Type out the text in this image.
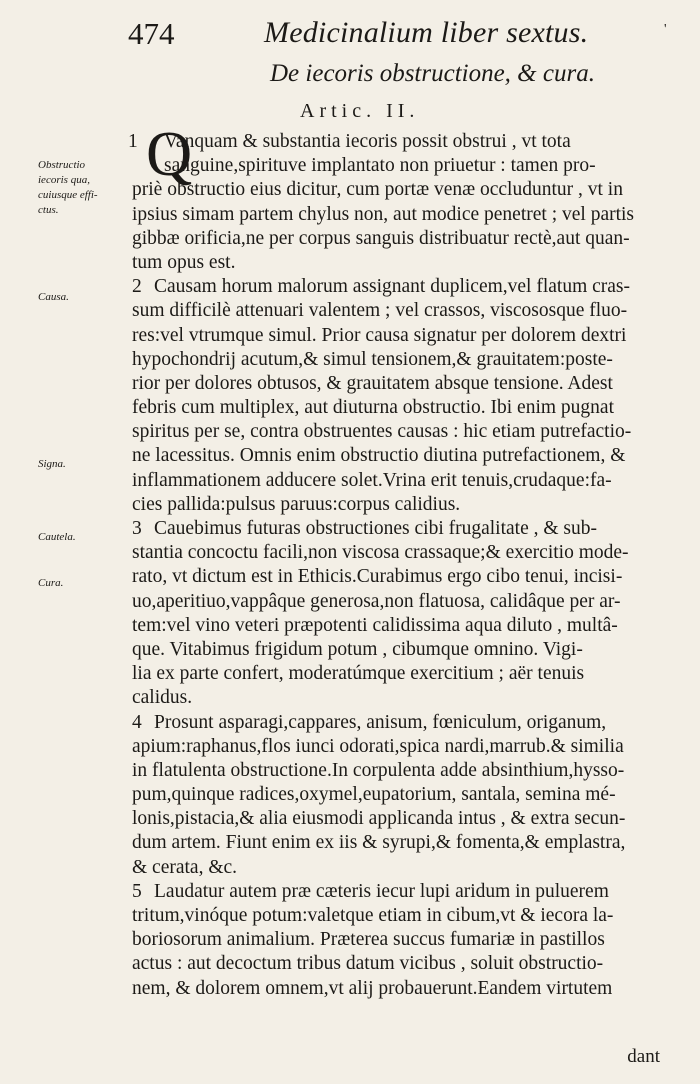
474	Medicinalium liber sextus.	'
De iecoris obstructione, & cura.
Artic. II.
Q
Obstructio
iecoris qua,
cuiusque effi-
ctus.
Causa.
Signa.
Cautela.
Cura.
1	Vanquam & substantia iecoris possit obstrui , vt tota
sanguine,spirituve implantato non priuetur : tamen pro-
priè obstructio eius dicitur, cum portæ venæ occluduntur , vt in
ipsius simam partem chylus non, aut modice penetret ; vel partis
gibbæ orificia,ne per corpus sanguis distribuatur rectè,aut quan-
tum opus est.
2 Causam horum malorum assignant duplicem,vel flatum cras-
sum difficilè attenuari valentem ; vel crassos, viscososque fluo-
res:vel vtrumque simul. Prior causa signatur per dolorem dextri
hypochondrij acutum,& simul tensionem,& grauitatem:poste-
rior per dolores obtusos, & grauitatem absque tensione. Adest
febris cum multiplex, aut diuturna obstructio. Ibi enim pugnat
spiritus per se, contra obstruentes causas : hic etiam putrefactio-
ne lacessitus. Omnis enim obstructio diutina putrefactionem, &
inflammationem adducere solet.Vrina erit tenuis,crudaque:fa-
cies pallida:pulsus paruus:corpus calidius.
3 Cauebimus futuras obstructiones cibi frugalitate , & sub-
stantia concoctu facili,non viscosa crassaque;& exercitio mode-
rato, vt dictum est in Ethicis.Curabimus ergo cibo tenui, incisi-
uo,aperitiuo,vappâque generosa,non flatuosa, calidâque per ar-
tem:vel vino veteri præpotenti calidissima aqua diluto , multâ-
que. Vitabimus frigidum potum , cibumque omnino. Vigi-
lia ex parte confert, moderatúmque exercitium ; aër tenuis
calidus.
4 Prosunt asparagi,cappares, anisum, fœniculum, origanum,
apium:raphanus,flos iunci odorati,spica nardi,marrub.& similia
in flatulenta obstructione.In corpulenta adde absinthium,hysso-
pum,quinque radices,oxymel,eupatorium, santala, semina mé-
lonis,pistacia,& alia eiusmodi applicanda intus , & extra secun-
dum artem. Fiunt enim ex iis & syrupi,& fomenta,& emplastra,
& cerata, &c.
5 Laudatur autem præ cæteris iecur lupi aridum in puluerem
tritum,vinóque potum:valetque etiam in cibum,vt & iecora la-
boriosorum animalium. Præterea succus fumariæ in pastillos
actus : aut decoctum tribus datum vicibus , soluit obstructio-
nem, & dolorem omnem,vt alij probauerunt.Eandem virtutem
dant
